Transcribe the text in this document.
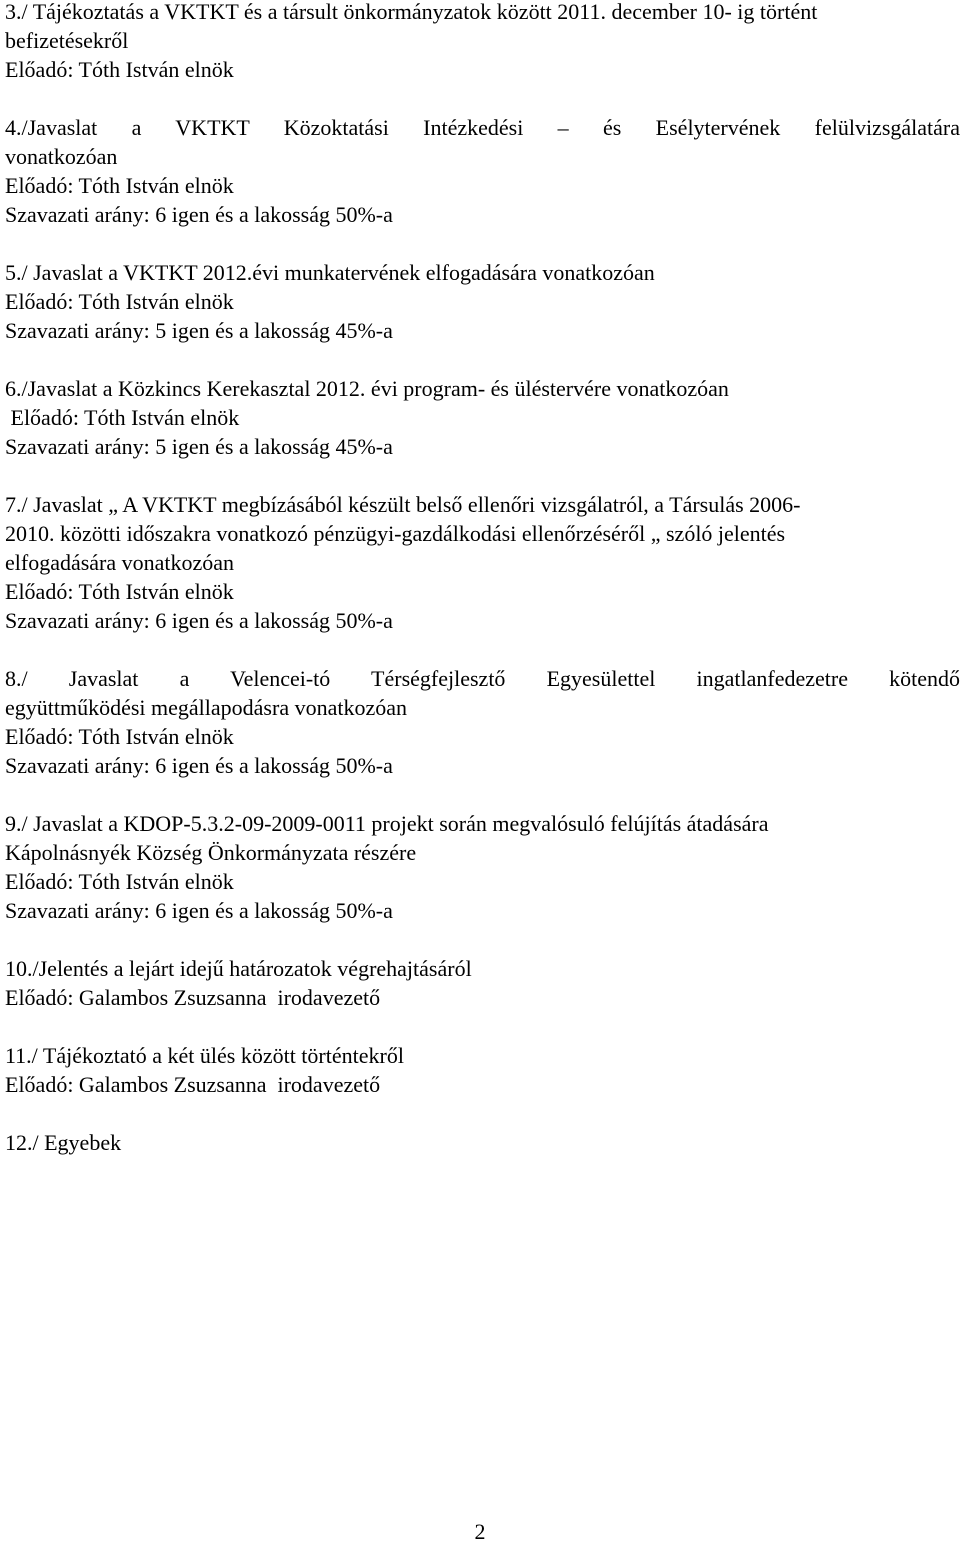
3./ Tájékoztatás a VKTKT és a társult önkormányzatok között 2011. december 10- ig történt
befizetésekről
Előadó: Tóth István elnök
4./Javaslat a VKTKT Közoktatási Intézkedési – és Esélytervének felülvizsgálatára
vonatkozóan
Előadó: Tóth István elnök
Szavazati arány: 6 igen és a lakosság 50%-a
5./ Javaslat a VKTKT 2012.évi munkatervének elfogadására vonatkozóan
Előadó: Tóth István elnök
Szavazati arány: 5 igen és a lakosság 45%-a
6./Javaslat a Közkincs Kerekasztal 2012. évi program- és üléstervére vonatkozóan
Előadó: Tóth István elnök
Szavazati arány: 5 igen és a lakosság 45%-a
7./ Javaslat „ A VKTKT megbízásából készült belső ellenőri vizsgálatról, a Társulás 2006-
2010. közötti időszakra vonatkozó pénzügyi-gazdálkodási ellenőrzéséről „ szóló jelentés
elfogadására vonatkozóan
Előadó: Tóth István elnök
Szavazati arány: 6 igen és a lakosság 50%-a
8./ Javaslat a Velencei-tó Térségfejlesztő Egyesülettel ingatlanfedezetre kötendő
együttműködési megállapodásra vonatkozóan
Előadó: Tóth István elnök
Szavazati arány: 6 igen és a lakosság 50%-a
9./ Javaslat a KDOP-5.3.2-09-2009-0011 projekt során megvalósuló felújítás átadására
Kápolnásnyék Község Önkormányzata részére
Előadó: Tóth István elnök
Szavazati arány: 6 igen és a lakosság 50%-a
10./Jelentés a lejárt idejű határozatok végrehajtásáról
Előadó: Galambos Zsuzsanna  irodavezető
11./ Tájékoztató a két ülés között történtekről
Előadó: Galambos Zsuzsanna  irodavezető
12./ Egyebek
2
